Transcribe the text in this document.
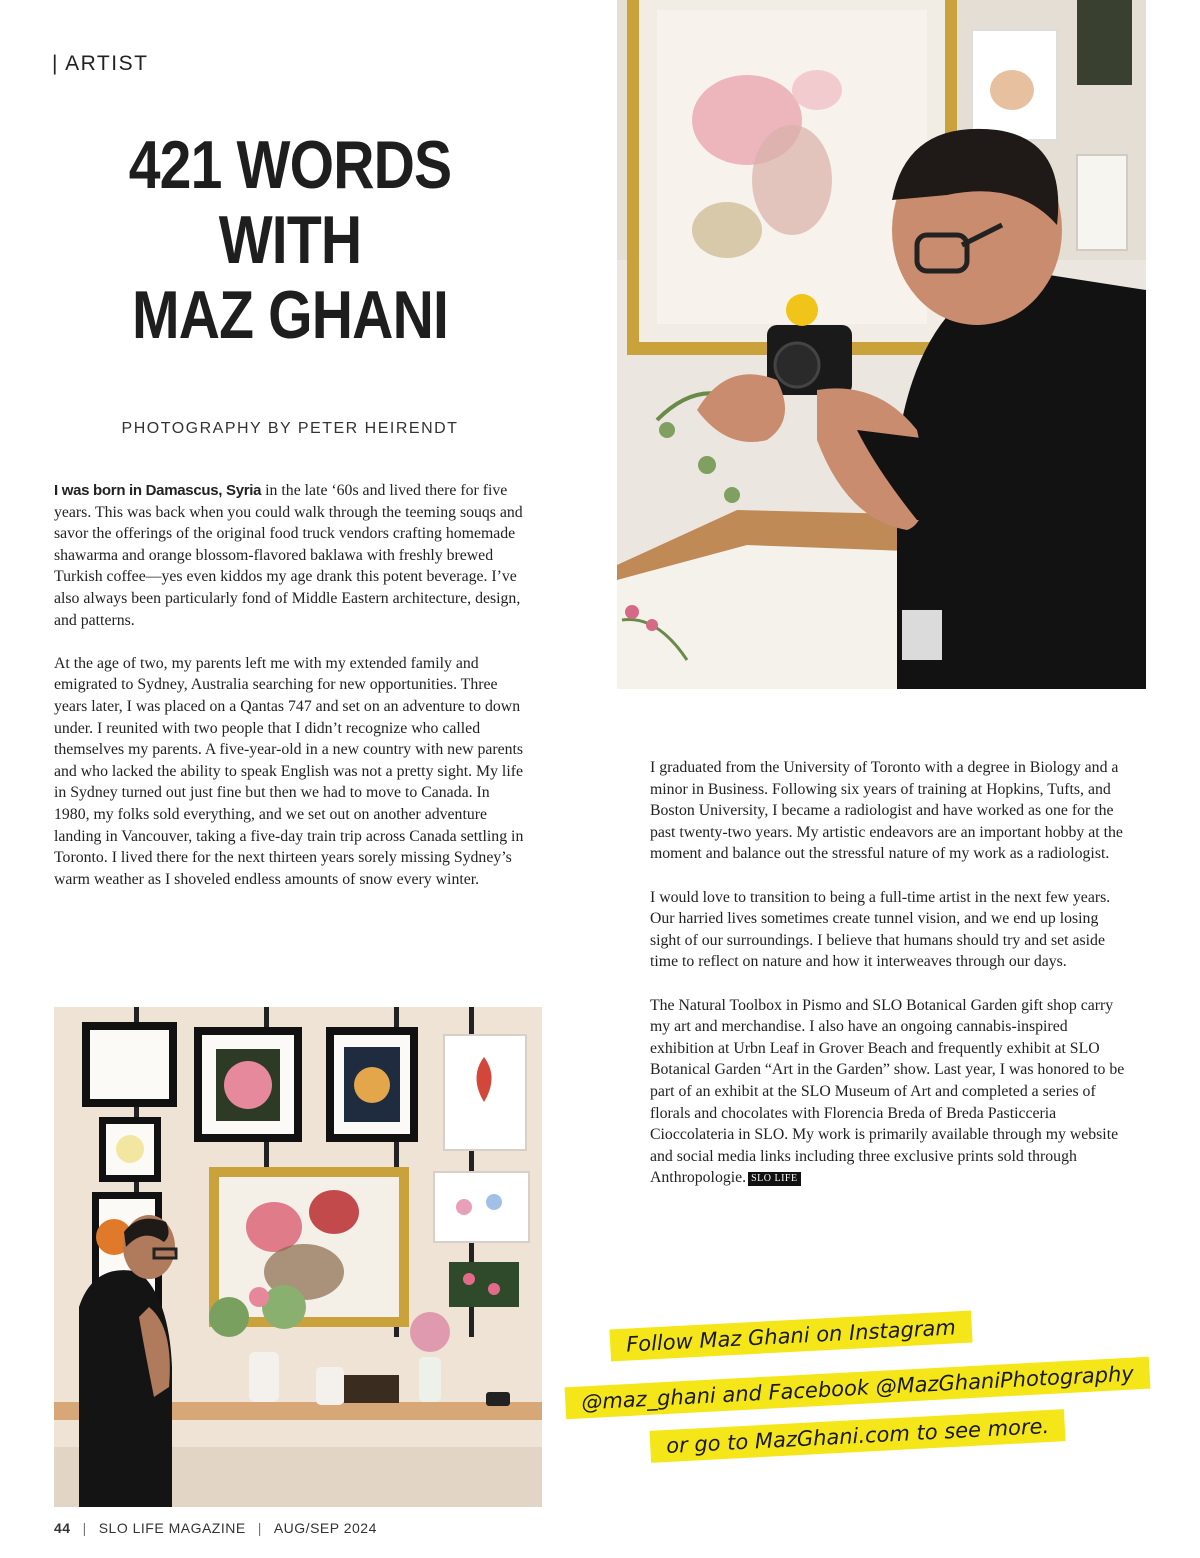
| ARTIST
421 WORDS
WITH
MAZ GHANI
PHOTOGRAPHY BY PETER HEIRENDT

I was born in Damascus, Syria in the late ‘60s and lived there for five years. This was back when you could walk through the teeming souqs and savor the offerings of the original food truck vendors crafting homemade shawarma and orange blossom-flavored baklawa with freshly brewed Turkish coffee—yes even kiddos my age drank this potent beverage. I’ve also always been particularly fond of Middle Eastern architecture, design, and patterns.

At the age of two, my parents left me with my extended family and emigrated to Sydney, Australia searching for new opportunities. Three years later, I was placed on a Qantas 747 and set on an adventure to down under. I reunited with two people that I didn’t recognize who called themselves my parents. A five-year-old in a new country with new parents and who lacked the ability to speak English was not a pretty sight. My life in Sydney turned out just fine but then we had to move to Canada. In 1980, my folks sold everything, and we set out on another adventure landing in Vancouver, taking a five-day train trip across Canada settling in Toronto. I lived there for the next thirteen years sorely missing Sydney’s warm weather as I shoveled endless amounts of snow every winter.

I graduated from the University of Toronto with a degree in Biology and a minor in Business. Following six years of training at Hopkins, Tufts, and Boston University, I became a radiologist and have worked as one for the past twenty-two years. My artistic endeavors are an important hobby at the moment and balance out the stressful nature of my work as a radiologist.

I would love to transition to being a full-time artist in the next few years. Our harried lives sometimes create tunnel vision, and we end up losing sight of our surroundings. I believe that humans should try and set aside time to reflect on nature and how it interweaves through our days.

The Natural Toolbox in Pismo and SLO Botanical Garden gift shop carry my art and merchandise. I also have an ongoing cannabis-inspired exhibition at Urbn Leaf in Grover Beach and frequently exhibit at SLO Botanical Garden “Art in the Garden” show. Last year, I was honored to be part of an exhibit at the SLO Museum of Art and completed a series of florals and chocolates with Florencia Breda of Breda Pasticceria Cioccolateria in SLO. My work is primarily available through my website and social media links including three exclusive prints sold through Anthropologie. SLO LIFE

Follow Maz Ghani on Instagram
@maz_ghani and Facebook @MazGhaniPhotography
or go to MazGhani.com to see more.
44 | SLO LIFE MAGAZINE | AUG/SEP 2024
